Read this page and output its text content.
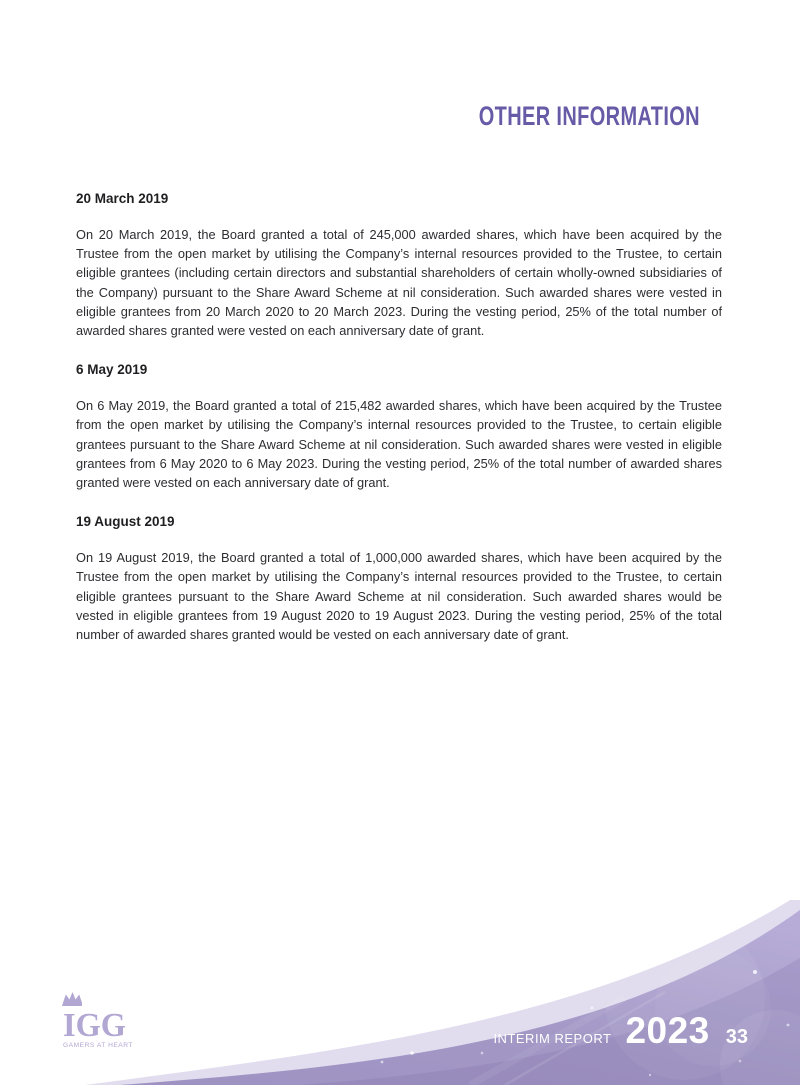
OTHER INFORMATION
20 March 2019

On 20 March 2019, the Board granted a total of 245,000 awarded shares, which have been acquired by the Trustee from the open market by utilising the Company’s internal resources provided to the Trustee, to certain eligible grantees (including certain directors and substantial shareholders of certain wholly-owned subsidiaries of the Company) pursuant to the Share Award Scheme at nil consideration. Such awarded shares were vested in eligible grantees from 20 March 2020 to 20 March 2023. During the vesting period, 25% of the total number of awarded shares granted were vested on each anniversary date of grant.

6 May 2019

On 6 May 2019, the Board granted a total of 215,482 awarded shares, which have been acquired by the Trustee from the open market by utilising the Company’s internal resources provided to the Trustee, to certain eligible grantees pursuant to the Share Award Scheme at nil consideration. Such awarded shares were vested in eligible grantees from 6 May 2020 to 6 May 2023. During the vesting period, 25% of the total number of awarded shares granted were vested on each anniversary date of grant.

19 August 2019

On 19 August 2019, the Board granted a total of 1,000,000 awarded shares, which have been acquired by the Trustee from the open market by utilising the Company’s internal resources provided to the Trustee, to certain eligible grantees pursuant to the Share Award Scheme at nil consideration. Such awarded shares would be vested in eligible grantees from 19 August 2020 to 19 August 2023. During the vesting period, 25% of the total number of awarded shares granted would be vested on each anniversary date of grant.

IGG
GAMERS AT HEART	INTERIM REPORT 2023 33
